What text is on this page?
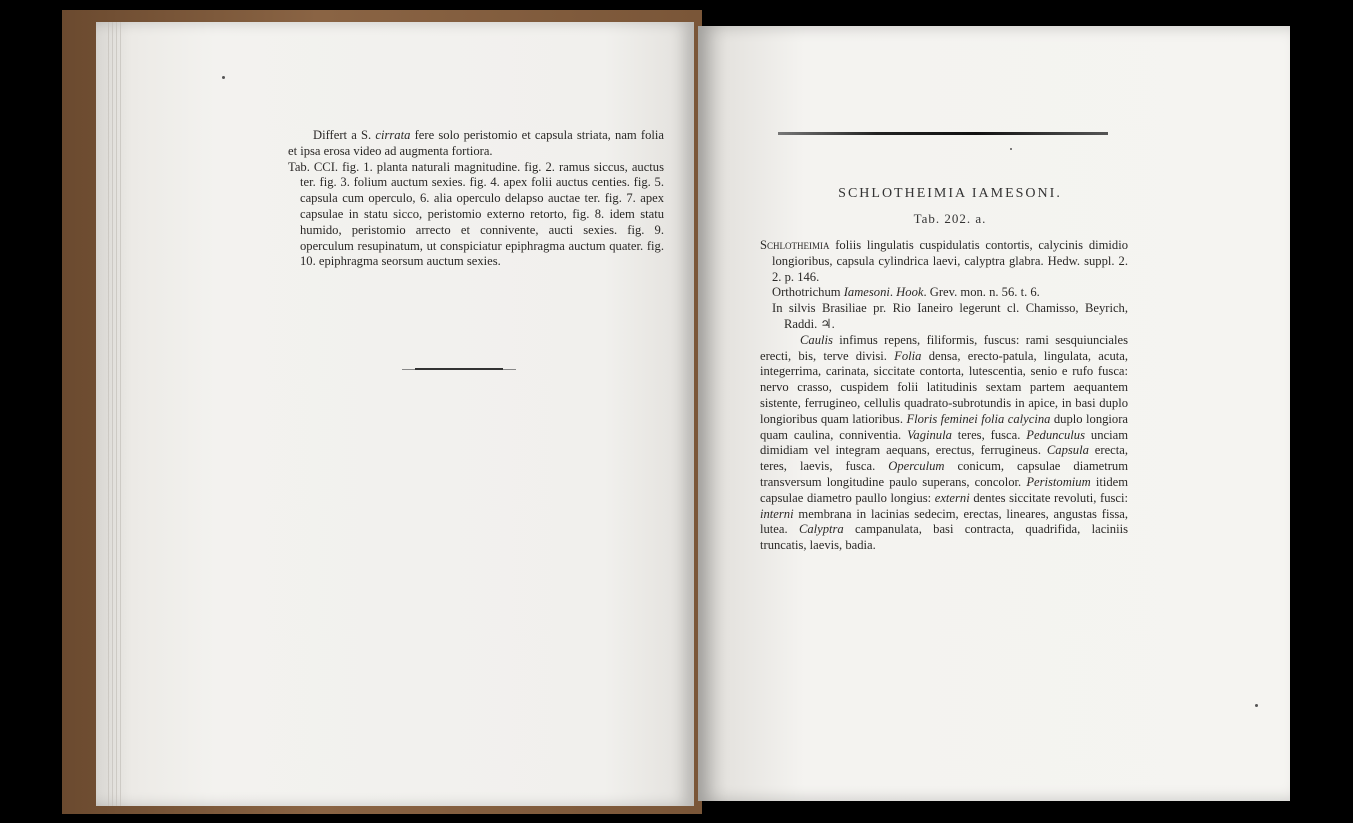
Differt a S. cirrata fere solo peristomio et capsula striata, nam folia et ipsa erosa video ad augmenta fortiora.

Tab. CCI. fig. 1. planta naturali magnitudine. fig. 2. ramus siccus, auctus ter. fig. 3. folium auctum sexies. fig. 4. apex folii auctus centies. fig. 5. capsula cum operculo, 6. alia operculo delapso auctae ter. fig. 7. apex capsulae in statu sicco, peristomio externo retorto, fig. 8. idem statu humido, peristomio arrecto et connivente, aucti sexies. fig. 9. operculum resupinatum, ut conspiciatur epiphragma auctum quater. fig. 10. epiphragma seorsum auctum sexies.

SCHLOTHEIMIA IAMESONI.
Tab. 202. a.

Schlotheimia foliis lingulatis cuspidulatis contortis, calycinis dimidio longioribus, capsula cylindrica laevi, calyptra glabra. Hedw. suppl. 2. 2. p. 146.

Orthotrichum Iamesoni. Hook. Grev. mon. n. 56. t. 6.

In silvis Brasiliae pr. Rio Ianeiro legerunt cl. Chamisso, Beyrich, Raddi. ♃.

Caulis infimus repens, filiformis, fuscus: rami sesquiunciales erecti, bis, terve divisi. Folia densa, erecto-patula, lingulata, acuta, integerrima, carinata, siccitate contorta, lutescentia, senio e rufo fusca: nervo crasso, cuspidem folii latitudinis sextam partem aequantem sistente, ferrugineo, cellulis quadrato-subrotundis in apice, in basi duplo longioribus quam latioribus. Floris feminei folia calycina duplo longiora quam caulina, conniventia. Vaginula teres, fusca. Pedunculus unciam dimidiam vel integram aequans, erectus, ferrugineus. Capsula erecta, teres, laevis, fusca. Operculum conicum, capsulae diametrum transversum longitudine paulo superans, concolor. Peristomium itidem capsulae diametro paullo longius: externi dentes siccitate revoluti, fusci: interni membrana in lacinias sedecim, erectas, lineares, angustas fissa, lutea. Calyptra campanulata, basi contracta, quadrifida, laciniis truncatis, laevis, badia.
